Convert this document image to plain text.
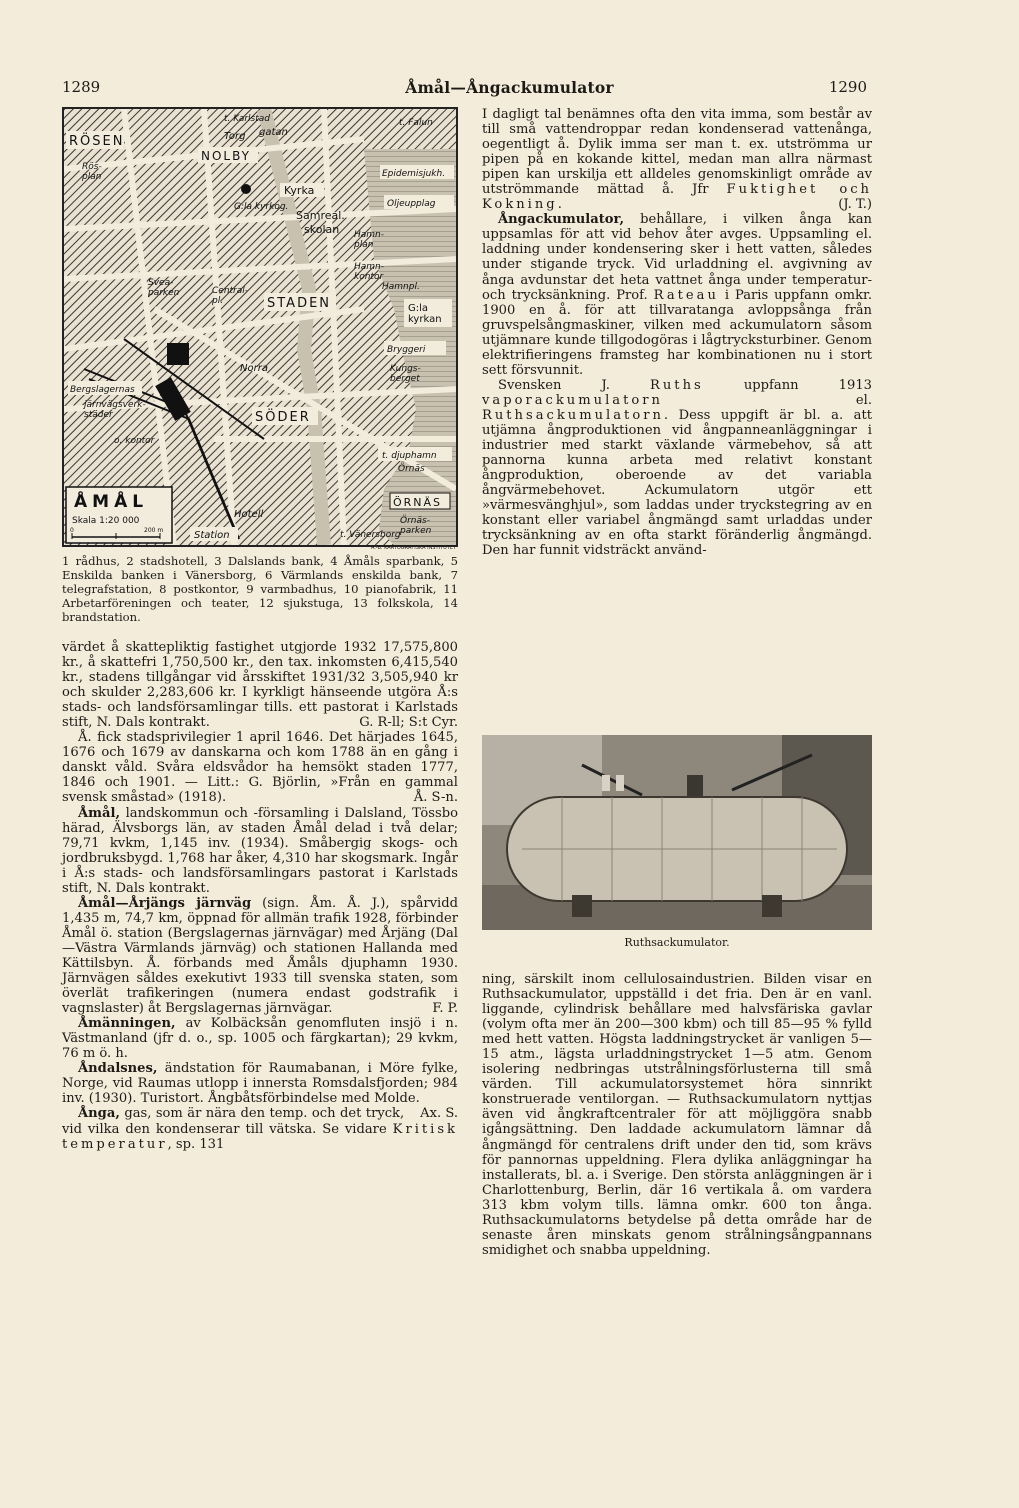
1289	Åmål—Ångackumulator	1290
RÖSEN
Rös-plan
t. Karlstad
Torg gatan
t. Falun
NOLBY
Epidemisjukh.
Kyrka
G:la kyrkog.	Oljeupplag
Samreal.
skolan Hamn-plan
Svea-parken	Central-pl.	STADEN
Hamn-kontor
Hamnpl.
G:la kyrkan
Bryggeri
Kungs-berget
Norra
Bergslagernas
järnvägsverk-städer
o. kontor
SÖDER
t. djuphamn
Örnäs
ÅMÅL
Skala 1:20 000
0	200 m
Hotell
Station
ÖRNÄS
Örnäs-parken
t. Vänersborg
A.-B. KARTOGRAFISKA INSTITUTET
1 rådhus, 2 stadshotell, 3 Dalslands bank, 4 Åmåls sparbank, 5 Enskilda banken i Vänersborg, 6 Värmlands enskilda bank, 7 telegrafstation, 8 postkontor, 9 varmbadhus, 10 pianofabrik, 11 Arbetarföreningen och teater, 12 sjukstuga, 13 folkskola, 14 brandstation.

värdet å skattepliktig fastighet utgjorde 1932 17,575,800 kr., å skattefri 1,750,500 kr., den tax. inkomsten 6,415,540 kr., stadens tillgångar vid årsskiftet 1931/32 3,505,940 kr och skulder 2,283,606 kr. I kyrkligt hänseende utgöra Å:s stads- och landsförsamlingar tills. ett pastorat i Karlstads stift, N. Dals kontrakt.	G. R-ll; S:t Cyr.

Å. fick stadsprivilegier 1 april 1646. Det härjades 1645, 1676 och 1679 av danskarna och kom 1788 än en gång i danskt våld. Svåra eldsvådor ha hemsökt staden 1777, 1846 och 1901. — Litt.: G. Björlin, »Från en gammal svensk småstad» (1918).	Å. S-n.

Åmål, landskommun och -församling i Dalsland, Tössbo härad, Älvsborgs län, av staden Åmål delad i två delar; 79,71 kvkm, 1,145 inv. (1934). Småbergig skogs- och jordbruksbygd. 1,768 har åker, 4,310 har skogsmark. Ingår i Å:s stads- och landsförsamlingars pastorat i Karlstads stift, N. Dals kontrakt.

Åmål—Årjängs järnväg (sign. Åm. Å. J.), spårvidd 1,435 m, 74,7 km, öppnad för allmän trafik 1928, förbinder Åmål ö. station (Bergslagernas järnvägar) med Årjäng (Dal—Västra Värmlands järnväg) och stationen Hallanda med Kättilsbyn. Å. förbands med Åmåls djuphamn 1930. Järnvägen såldes exekutivt 1933 till svenska staten, som överlät trafikeringen (numera endast godstrafik i vagnslaster) åt Bergslagernas järnvägar.	F. P.

Åmänningen, av Kolbäcksån genomfluten insjö i n. Västmanland (jfr d. o., sp. 1005 och färgkartan); 29 kvkm, 76 m ö. h.

Åndalsnes, ändstation för Raumabanan, i Möre fylke, Norge, vid Raumas utlopp i innersta Romsdalsfjorden; 984 inv. (1930). Turistort. Ångbåtsförbindelse med Molde.
Ax. S.

Ånga, gas, som är nära den temp. och det tryck, vid vilka den kondenserar till vätska. Se vidare Kritisk temperatur, sp. 131

I dagligt tal benämnes ofta den vita imma, som består av till små vattendroppar redan kondenserad vattenånga, oegentligt å. Dylik imma ser man t. ex. utströmma ur pipen på en kokande kittel, medan man allra närmast pipen kan urskilja ett alldeles genomskinligt område av utströmmande mättad å. Jfr Fuktighet och Kokning.	(J. T.)

Ångackumulator, behållare, i vilken ånga kan uppsamlas för att vid behov åter avges. Uppsamling el. laddning under kondensering sker i hett vatten, således under stigande tryck. Vid urladdning el. avgivning av ånga avdunstar det heta vattnet ånga under temperatur- och trycksänkning. Prof. Rateau i Paris uppfann omkr. 1900 en å. för att tillvaratanga avloppsånga från gruvspelsångmaskiner, vilken med ackumulatorn såsom utjämnare kunde tillgodogöras i lågtrycksturbiner. Genom elektrifieringens framsteg har kombinationen nu i stort sett försvunnit.

Svensken J. Ruths uppfann 1913 vaporackumulatorn el. Ruthsackumulatorn. Dess uppgift är bl. a. att utjämna ångproduktionen vid ångpanneanläggningar i industrier med starkt växlande värmebehov, så att pannorna kunna arbeta med relativt konstant ångproduktion, oberoende av det variabla ångvärmebehovet. Ackumulatorn utgör ett »värmesvänghjul», som laddas under tryckstegring av en konstant eller variabel ångmängd samt urladdas under trycksänkning av en ofta starkt föränderlig ångmängd. Den har funnit vidsträckt använd-

Ruthsackumulator.

ning, särskilt inom cellulosaindustrien. Bilden visar en Ruthsackumulator, uppställd i det fria. Den är en vanl. liggande, cylindrisk behållare med halvsfäriska gavlar (volym ofta mer än 200—300 kbm) och till 85—95 % fylld med hett vatten. Högsta laddningstrycket är vanligen 5—15 atm., lägsta urladdningstrycket 1—5 atm. Genom isolering nedbringas utstrålningsförlusterna till små värden. Till ackumulatorsystemet höra sinnrikt konstruerade ventilorgan. — Ruthsackumulatorn nyttjas även vid ångkraftcentraler för att möjliggöra snabb igångsättning. Den laddade ackumulatorn lämnar då ångmängd för centralens drift under den tid, som krävs för pannornas uppeldning. Flera dylika anläggningar ha installerats, bl. a. i Sverige. Den största anläggningen är i Charlottenburg, Berlin, där 16 vertikala å. om vardera 313 kbm volym tills. lämna omkr. 600 ton ånga. Ruthsackumulatorns betydelse på detta område har de senaste åren minskats genom strålningsångpannans smidighet och snabba uppeldning.
